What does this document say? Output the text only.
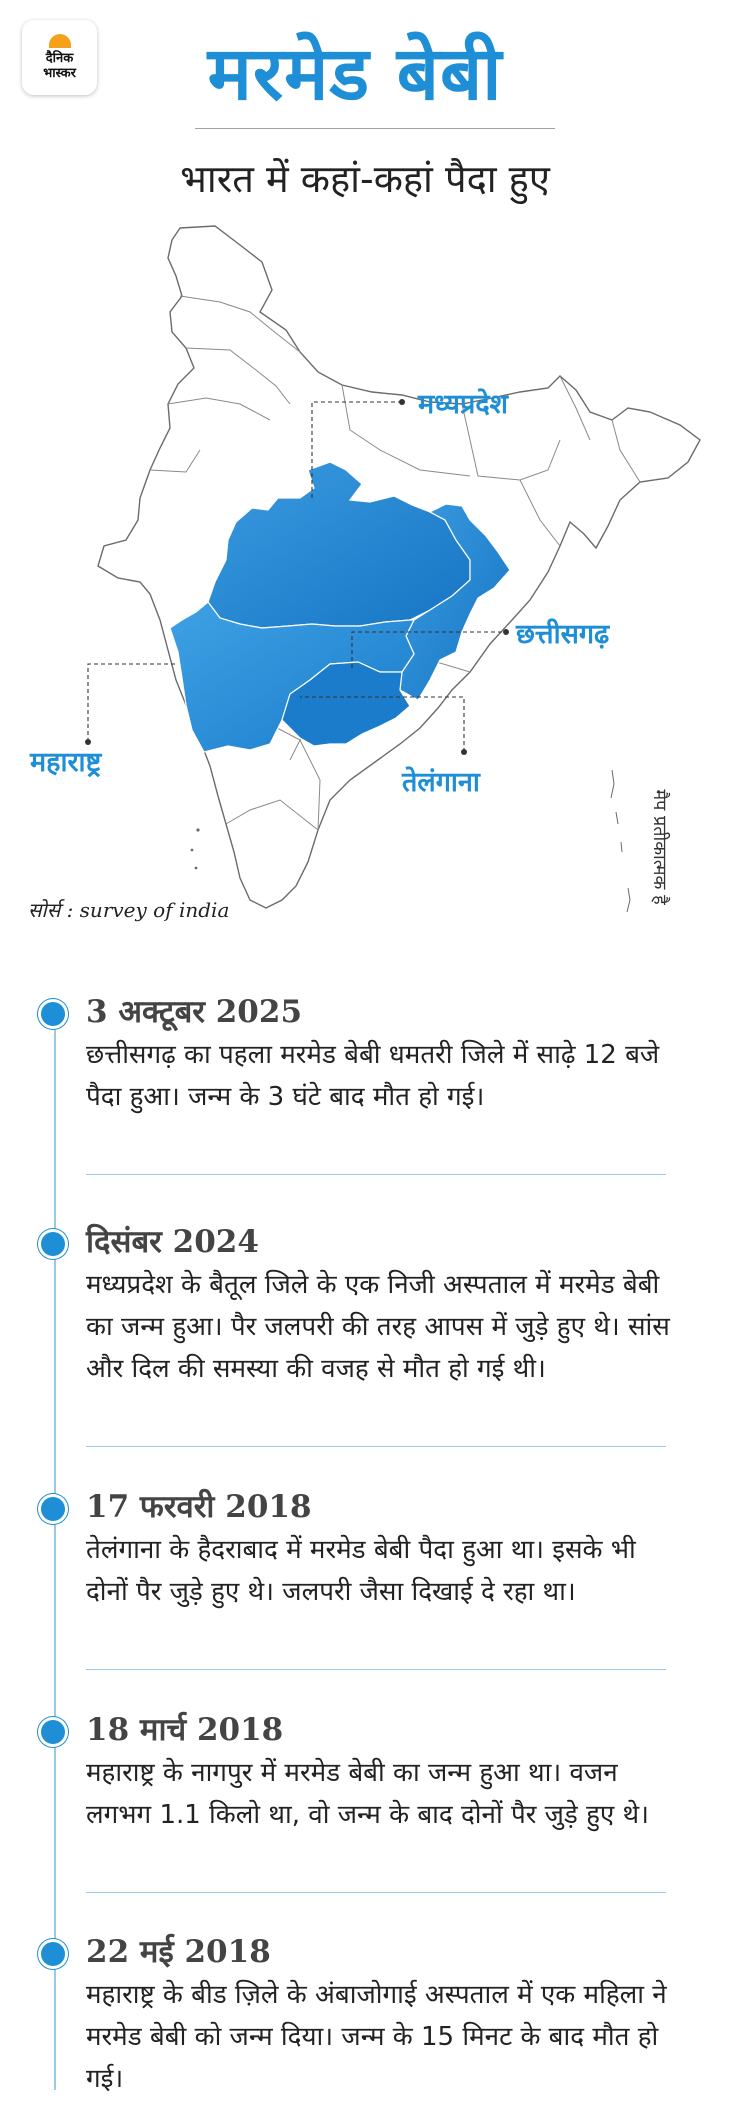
दैनिक
भास्कर	मरमेड बेबी
भारत में कहां-कहां पैदा हुए
मध्यप्रदेश
छत्तीसगढ़
महाराष्ट्र
तेलंगाना
मैप प्रतीकात्मक है
सोर्स : survey of india
3 अक्टूबर 2025
छत्तीसगढ़ का पहला मरमेड बेबी धमतरी जिले में साढ़े 12 बजे पैदा हुआ। जन्म के 3 घंटे बाद मौत हो गई।
दिसंबर 2024
मध्यप्रदेश के बैतूल जिले के एक निजी अस्पताल में मरमेड बेबी का जन्म हुआ। पैर जलपरी की तरह आपस में जुड़े हुए थे। सांस और दिल की समस्या की वजह से मौत हो गई थी।
17 फरवरी 2018
तेलंगाना के हैदराबाद में मरमेड बेबी पैदा हुआ था। इसके भी दोनों पैर जुड़े हुए थे। जलपरी जैसा दिखाई दे रहा था।
18 मार्च 2018
महाराष्ट्र के नागपुर में मरमेड बेबी का जन्म हुआ था। वजन लगभग 1.1 किलो था, वो जन्म के बाद दोनों पैर जुड़े हुए थे।
22 मई 2018
महाराष्ट्र के बीड ज़िले के अंबाजोगाई अस्पताल में एक महिला ने मरमेड बेबी को जन्म दिया। जन्म के 15 मिनट के बाद मौत हो गई।
